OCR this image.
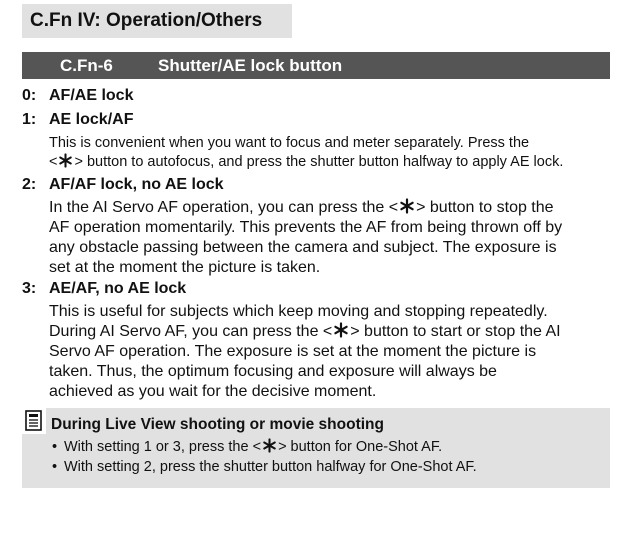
C.Fn IV: Operation/Others
C.Fn-6	Shutter/AE lock button
0: AF/AE lock
1: AE lock/AF
This is convenient when you want to focus and meter separately. Press the
< > button to autofocus, and press the shutter button halfway to apply AE lock.
2: AF/AF lock, no AE lock
In the AI Servo AF operation, you can press the < > button to stop the
AF operation momentarily. This prevents the AF from being thrown off by
any obstacle passing between the camera and subject. The exposure is
set at the moment the picture is taken.
3: AE/AF, no AE lock
This is useful for subjects which keep moving and stopping repeatedly.
During AI Servo AF, you can press the < > button to start or stop the AI
Servo AF operation. The exposure is set at the moment the picture is
taken. Thus, the optimum focusing and exposure will always be
achieved as you wait for the decisive moment.
During Live View shooting or movie shooting
• With setting 1 or 3, press the < > button for One-Shot AF.
• With setting 2, press the shutter button halfway for One-Shot AF.
